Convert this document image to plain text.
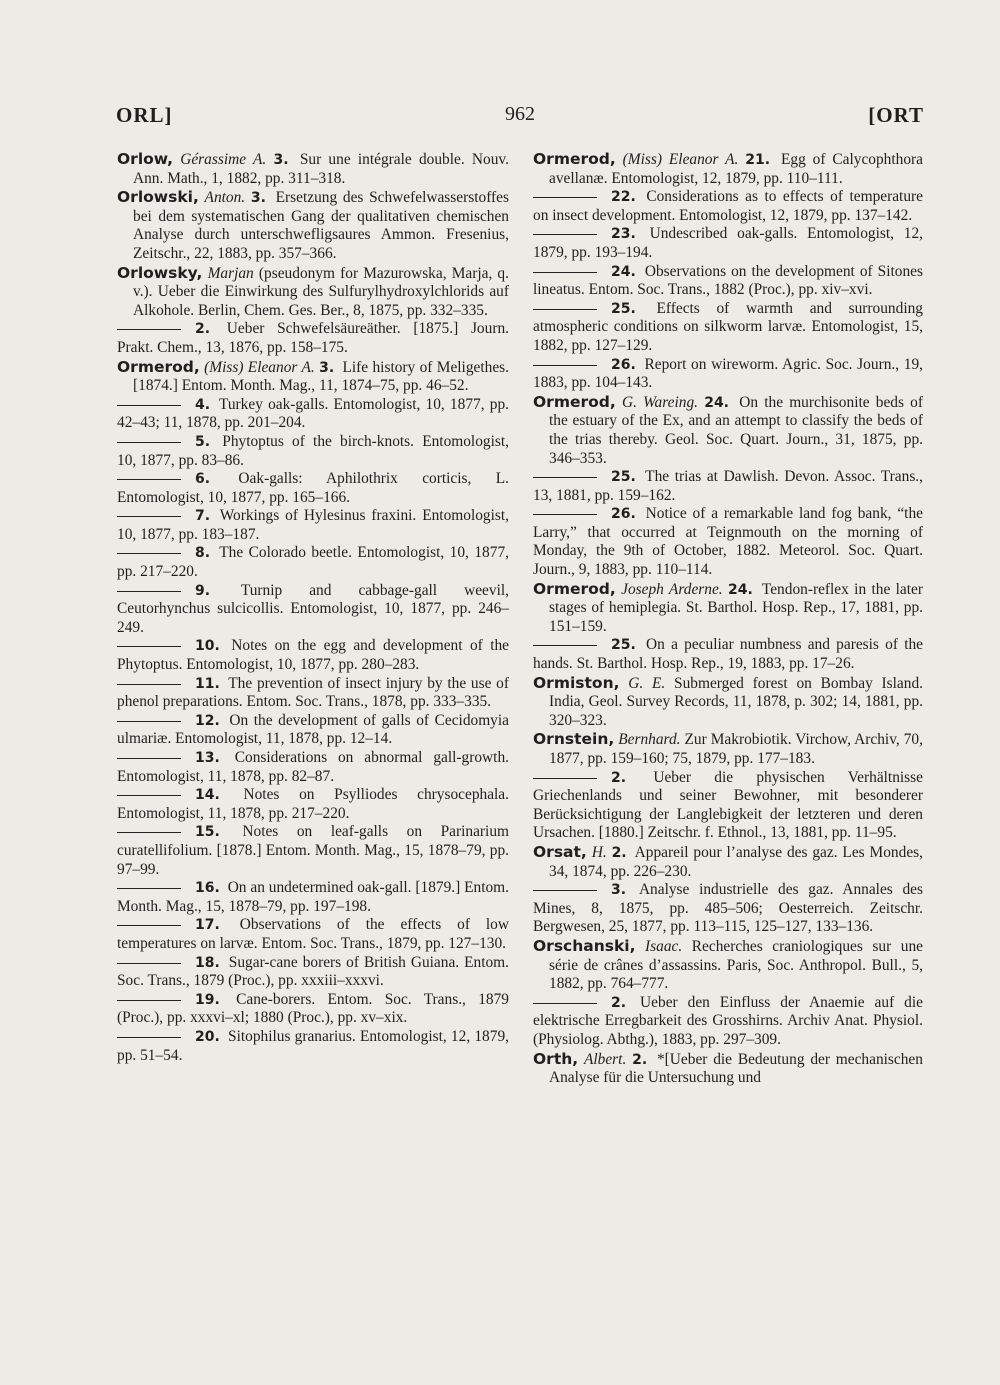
ORL]	962	[ORT

Orlow, Gérassime A. 3. Sur une intégrale double. Nouv. Ann. Math., 1, 1882, pp. 311–318.

Orlowski, Anton. 3. Ersetzung des Schwefelwasserstoffes bei dem systematischen Gang der qualitativen chemischen Analyse durch unterschwefligsaures Ammon. Fresenius, Zeitschr., 22, 1883, pp. 357–366.

Orlowsky, Marjan (pseudonym for Mazurowska, Marja, q. v.). Ueber die Einwirkung des Sulfurylhydroxylchlorids auf Alkohole. Berlin, Chem. Ges. Ber., 8, 1875, pp. 332–335.

2. Ueber Schwefelsäureäther. [1875.] Journ. Prakt. Chem., 13, 1876, pp. 158–175.

Ormerod, (Miss) Eleanor A. 3. Life history of Meligethes. [1874.] Entom. Month. Mag., 11, 1874–75, pp. 46–52.

4. Turkey oak-galls. Entomologist, 10, 1877, pp. 42–43; 11, 1878, pp. 201–204.

5. Phytoptus of the birch-knots. Entomologist, 10, 1877, pp. 83–86.

6. Oak-galls: Aphilothrix corticis, L. Entomologist, 10, 1877, pp. 165–166.

7. Workings of Hylesinus fraxini. Entomologist, 10, 1877, pp. 183–187.

8. The Colorado beetle. Entomologist, 10, 1877, pp. 217–220.

9. Turnip and cabbage-gall weevil, Ceutorhynchus sulcicollis. Entomologist, 10, 1877, pp. 246–249.

10. Notes on the egg and development of the Phytoptus. Entomologist, 10, 1877, pp. 280–283.

11. The prevention of insect injury by the use of phenol preparations. Entom. Soc. Trans., 1878, pp. 333–335.

12. On the development of galls of Cecidomyia ulmariæ. Entomologist, 11, 1878, pp. 12–14.

13. Considerations on abnormal gall-growth. Entomologist, 11, 1878, pp. 82–87.

14. Notes on Psylliodes chrysocephala. Entomologist, 11, 1878, pp. 217–220.

15. Notes on leaf-galls on Parinarium curatellifolium. [1878.] Entom. Month. Mag., 15, 1878–79, pp. 97–99.

16. On an undetermined oak-gall. [1879.] Entom. Month. Mag., 15, 1878–79, pp. 197–198.

17. Observations of the effects of low temperatures on larvæ. Entom. Soc. Trans., 1879, pp. 127–130.

18. Sugar-cane borers of British Guiana. Entom. Soc. Trans., 1879 (Proc.), pp. xxxiii–xxxvi.

19. Cane-borers. Entom. Soc. Trans., 1879 (Proc.), pp. xxxvi–xl; 1880 (Proc.), pp. xv–xix.

20. Sitophilus granarius. Entomologist, 12, 1879, pp. 51–54.

Ormerod, (Miss) Eleanor A. 21. Egg of Calycophthora avellanæ. Entomologist, 12, 1879, pp. 110–111.

22. Considerations as to effects of temperature on insect development. Entomologist, 12, 1879, pp. 137–142.

23. Undescribed oak-galls. Entomologist, 12, 1879, pp. 193–194.

24. Observations on the development of Sitones lineatus. Entom. Soc. Trans., 1882 (Proc.), pp. xiv–xvi.

25. Effects of warmth and surrounding atmospheric conditions on silkworm larvæ. Entomologist, 15, 1882, pp. 127–129.

26. Report on wireworm. Agric. Soc. Journ., 19, 1883, pp. 104–143.

Ormerod, G. Wareing. 24. On the murchisonite beds of the estuary of the Ex, and an attempt to classify the beds of the trias thereby. Geol. Soc. Quart. Journ., 31, 1875, pp. 346–353.

25. The trias at Dawlish. Devon. Assoc. Trans., 13, 1881, pp. 159–162.

26. Notice of a remarkable land fog bank, “the Larry,” that occurred at Teignmouth on the morning of Monday, the 9th of October, 1882. Meteorol. Soc. Quart. Journ., 9, 1883, pp. 110–114.

Ormerod, Joseph Arderne. 24. Tendon-reflex in the later stages of hemiplegia. St. Barthol. Hosp. Rep., 17, 1881, pp. 151–159.

25. On a peculiar numbness and paresis of the hands. St. Barthol. Hosp. Rep., 19, 1883, pp. 17–26.

Ormiston, G. E. Submerged forest on Bombay Island. India, Geol. Survey Records, 11, 1878, p. 302; 14, 1881, pp. 320–323.

Ornstein, Bernhard. Zur Makrobiotik. Virchow, Archiv, 70, 1877, pp. 159–160; 75, 1879, pp. 177–183.

2. Ueber die physischen Verhältnisse Griechenlands und seiner Bewohner, mit besonderer Berücksichtigung der Langlebigkeit der letzteren und deren Ursachen. [1880.] Zeitschr. f. Ethnol., 13, 1881, pp. 11–95.

Orsat, H. 2. Appareil pour l’analyse des gaz. Les Mondes, 34, 1874, pp. 226–230.

3. Analyse industrielle des gaz. Annales des Mines, 8, 1875, pp. 485–506; Oesterreich. Zeitschr. Bergwesen, 25, 1877, pp. 113–115, 125–127, 133–136.

Orschanski, Isaac. Recherches craniologiques sur une série de crânes d’assassins. Paris, Soc. Anthropol. Bull., 5, 1882, pp. 764–777.

2. Ueber den Einfluss der Anaemie auf die elektrische Erregbarkeit des Grosshirns. Archiv Anat. Physiol. (Physiolog. Abthg.), 1883, pp. 297–309.

Orth, Albert. 2. *[Ueber die Bedeutung der mechanischen Analyse für die Untersuchung und
